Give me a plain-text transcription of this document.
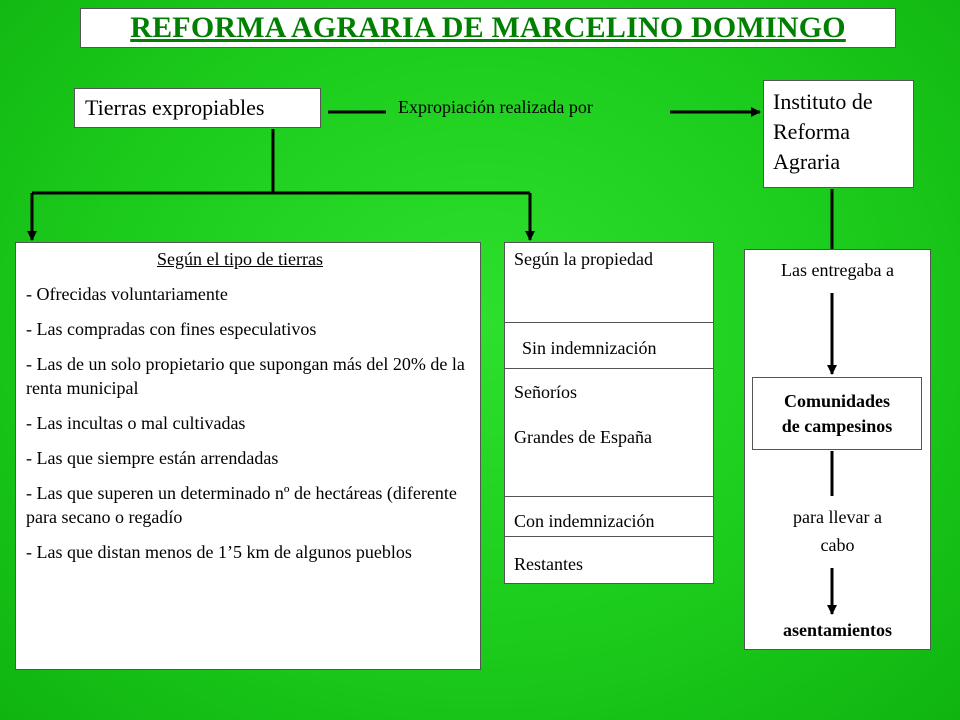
REFORMA AGRARIA DE MARCELINO DOMINGO
Tierras expropiables	Expropiación realizada por	Instituto de
Reforma
Agraria
Según el tipo de tierras
- Ofrecidas voluntariamente
- Las compradas con fines especulativos
- Las de un solo propietario que supongan más del 20% de la renta municipal
- Las incultas o mal cultivadas
- Las que siempre están arrendadas
- Las que superen un determinado nº de hectáreas (diferente para secano o regadío
- Las que distan menos de 1’5 km de algunos pueblos
Según la propiedad
Sin indemnización
Señoríos
Grandes de España
Con indemnización
Restantes
Las entregaba a
para llevar a
cabo
asentamientos
Comunidades
de campesinos
